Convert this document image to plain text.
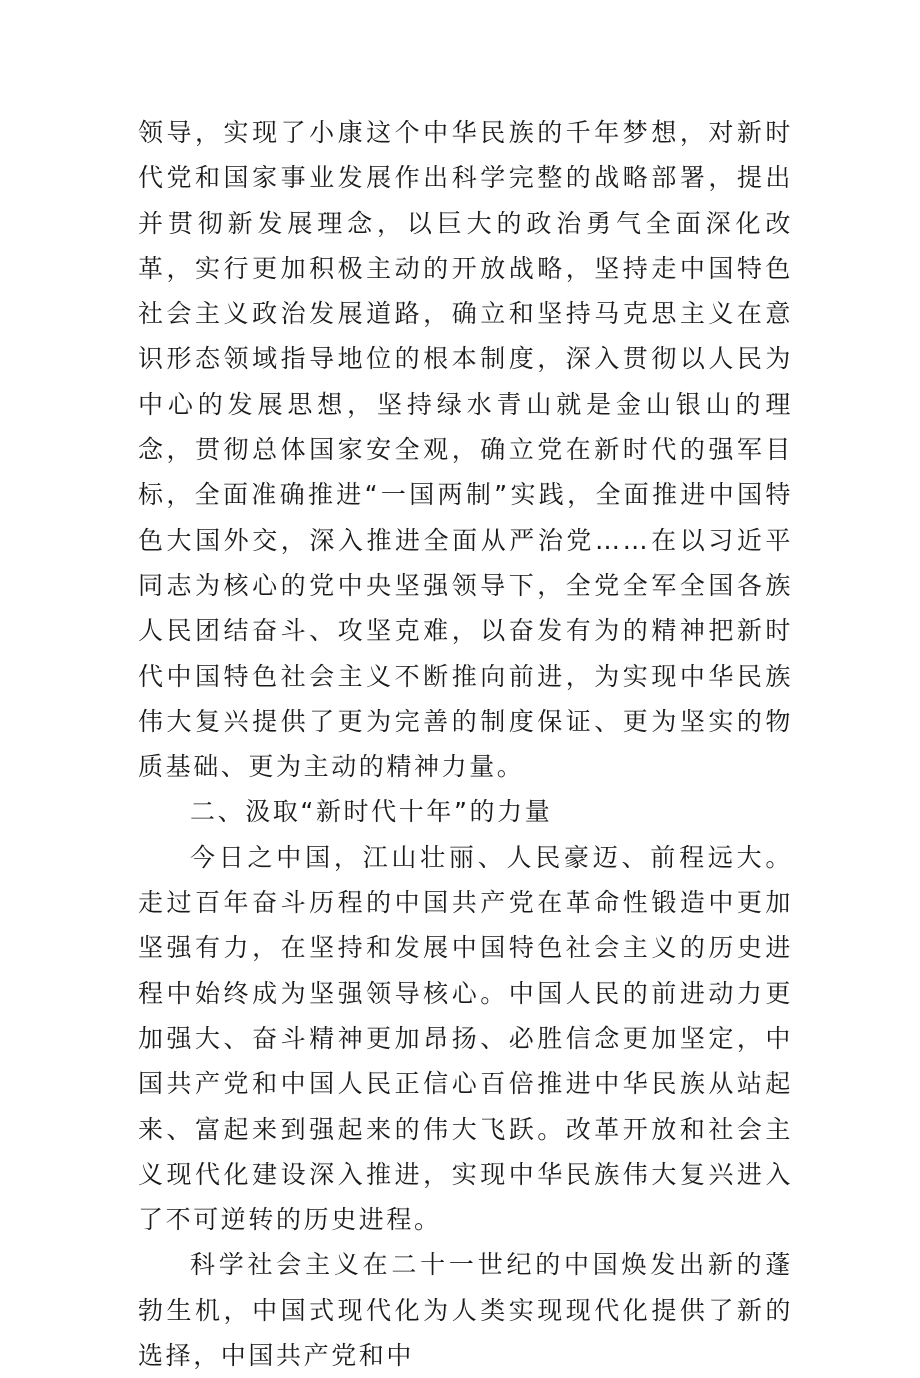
领导，实现了小康这个中华民族的千年梦想，对新时代党和国家事业发展作出科学完整的战略部署，提出并贯彻新发展理念，以巨大的政治勇气全面深化改革，实行更加积极主动的开放战略，坚持走中国特色社会主义政治发展道路，确立和坚持马克思主义在意识形态领域指导地位的根本制度，深入贯彻以人民为中心的发展思想，坚持绿水青山就是金山银山的理念，贯彻总体国家安全观，确立党在新时代的强军目标，全面准确推进“一国两制”实践，全面推进中国特色大国外交，深入推进全面从严治党……在以习近平同志为核心的党中央坚强领导下，全党全军全国各族人民团结奋斗、攻坚克难，以奋发有为的精神把新时代中国特色社会主义不断推向前进，为实现中华民族伟大复兴提供了更为完善的制度保证、更为坚实的物质基础、更为主动的精神力量。

二、汲取“新时代十年”的力量

今日之中国，江山壮丽、人民豪迈、前程远大。走过百年奋斗历程的中国共产党在革命性锻造中更加坚强有力，在坚持和发展中国特色社会主义的历史进程中始终成为坚强领导核心。中国人民的前进动力更加强大、奋斗精神更加昂扬、必胜信念更加坚定，中国共产党和中国人民正信心百倍推进中华民族从站起来、富起来到强起来的伟大飞跃。改革开放和社会主义现代化建设深入推进，实现中华民族伟大复兴进入了不可逆转的历史进程。

科学社会主义在二十一世纪的中国焕发出新的蓬勃生机，中国式现代化为人类实现现代化提供了新的选择，中国共产党和中
